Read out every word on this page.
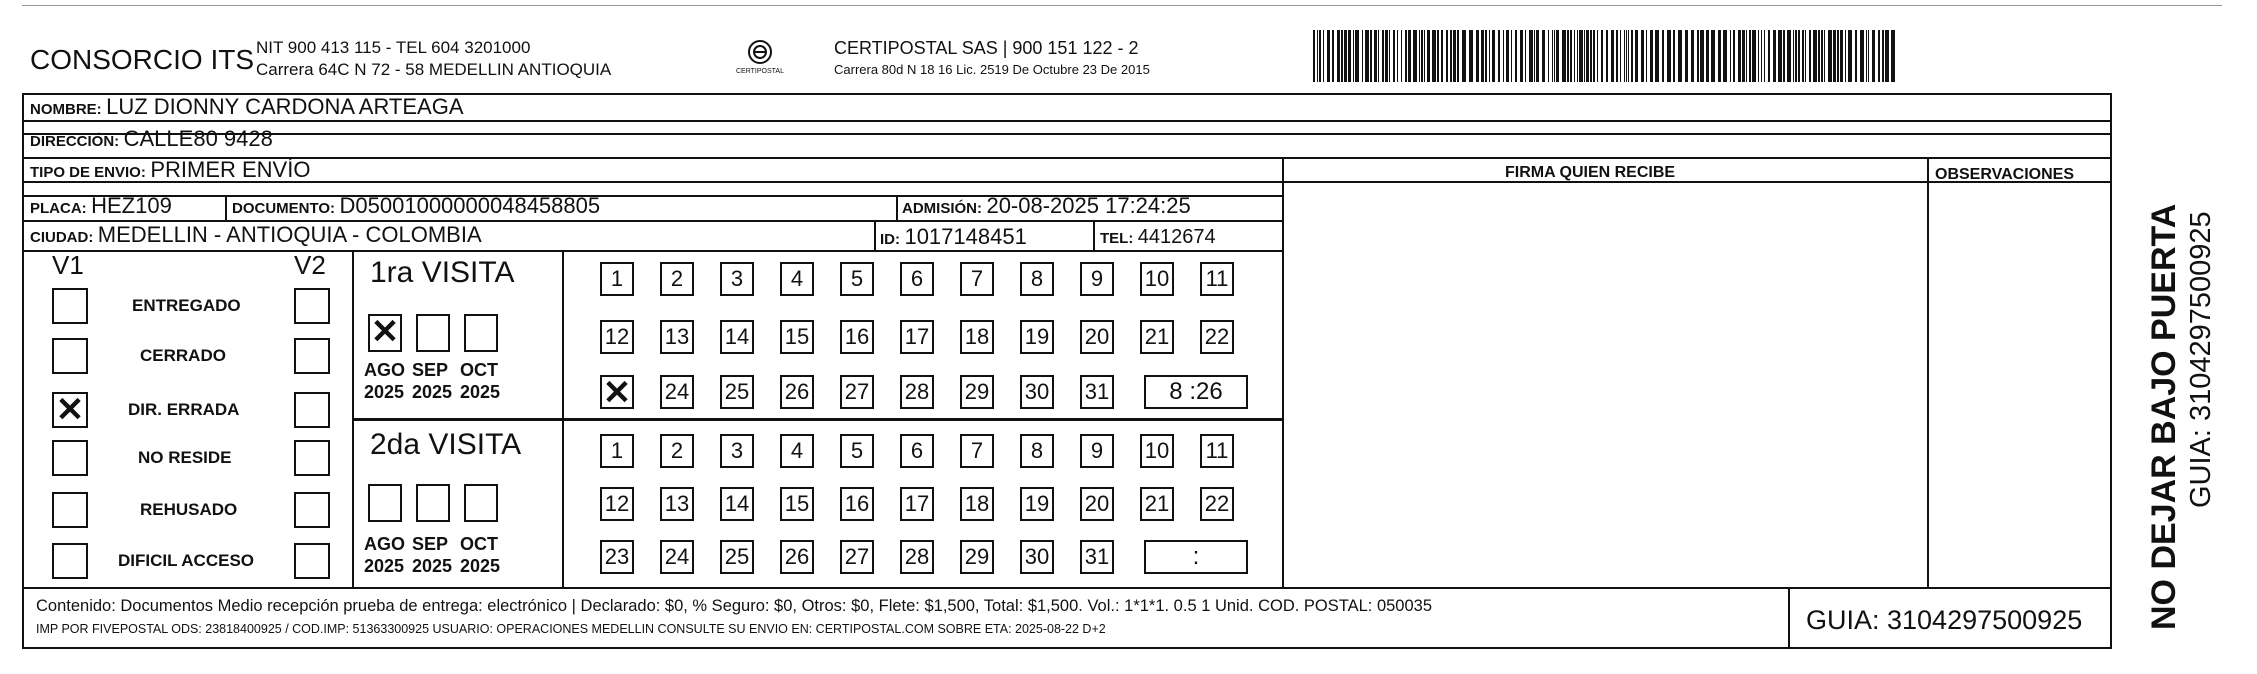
CONSORCIO ITS NIT 900 413 115 - TEL 604 3201000
Carrera 64C N 72 - 58 MEDELLIN ANTIOQUIA	CERTIPOSTAL
CERTIPOSTAL SAS | 900 151 122 - 2
Carrera 80d N 18 16 Lic. 2519 De Octubre 23 De 2015
NOMBRE: LUZ DIONNY CARDONA ARTEAGA
DIRECCIÓN: CALLE80 9428
TIPO DE ENVIO: PRIMER ENVÍO
PLACA: HEZ109	DOCUMENTO: D05001000000048458805	ADMISIÓN: 20-08-2025 17:24:25
CIUDAD: MEDELLIN - ANTIOQUIA - COLOMBIA	ID: 1017148451	TEL: 4412674
FIRMA QUIEN RECIBE	OBSERVACIONES
V1	V2
ENTREGADO
CERRADO
✕	DIR. ERRADA
NO RESIDE
REHUSADO
DIFICIL ACCESO
1ra VISITA
2da VISITA
✕
AGO
2025
SEP
2025
OCT
2025
AGO
2025
SEP
2025
OCT
2025
1	2	3	4	5	6	7	8	9	10 11
12 13 14 15 16 17 18 19 20 21 22
✕ 24 25 26 27 28 29 30 31	8 :26
1	2	3	4	5	6	7	8	9	10 11
12 13 14 15 16 17 18 19 20 21 22
23 24 25 26 27 28 29 30 31	:
Contenido: Documentos Medio recepción prueba de entrega: electrónico | Declarado: $0, % Seguro: $0, Otros: $0, Flete: $1,500, Total: $1,500. Vol.: 1*1*1. 0.5 1 Unid. COD. POSTAL: 050035
IMP POR FIVEPOSTAL ODS: 23818400925 / COD.IMP: 51363300925 USUARIO: OPERACIONES MEDELLIN CONSULTE SU ENVIO EN: CERTIPOSTAL.COM SOBRE ETA: 2025-08-22 D+2	GUIA: 3104297500925 NO DEJAR BAJO PUERTA GUIA: 3104297500925
